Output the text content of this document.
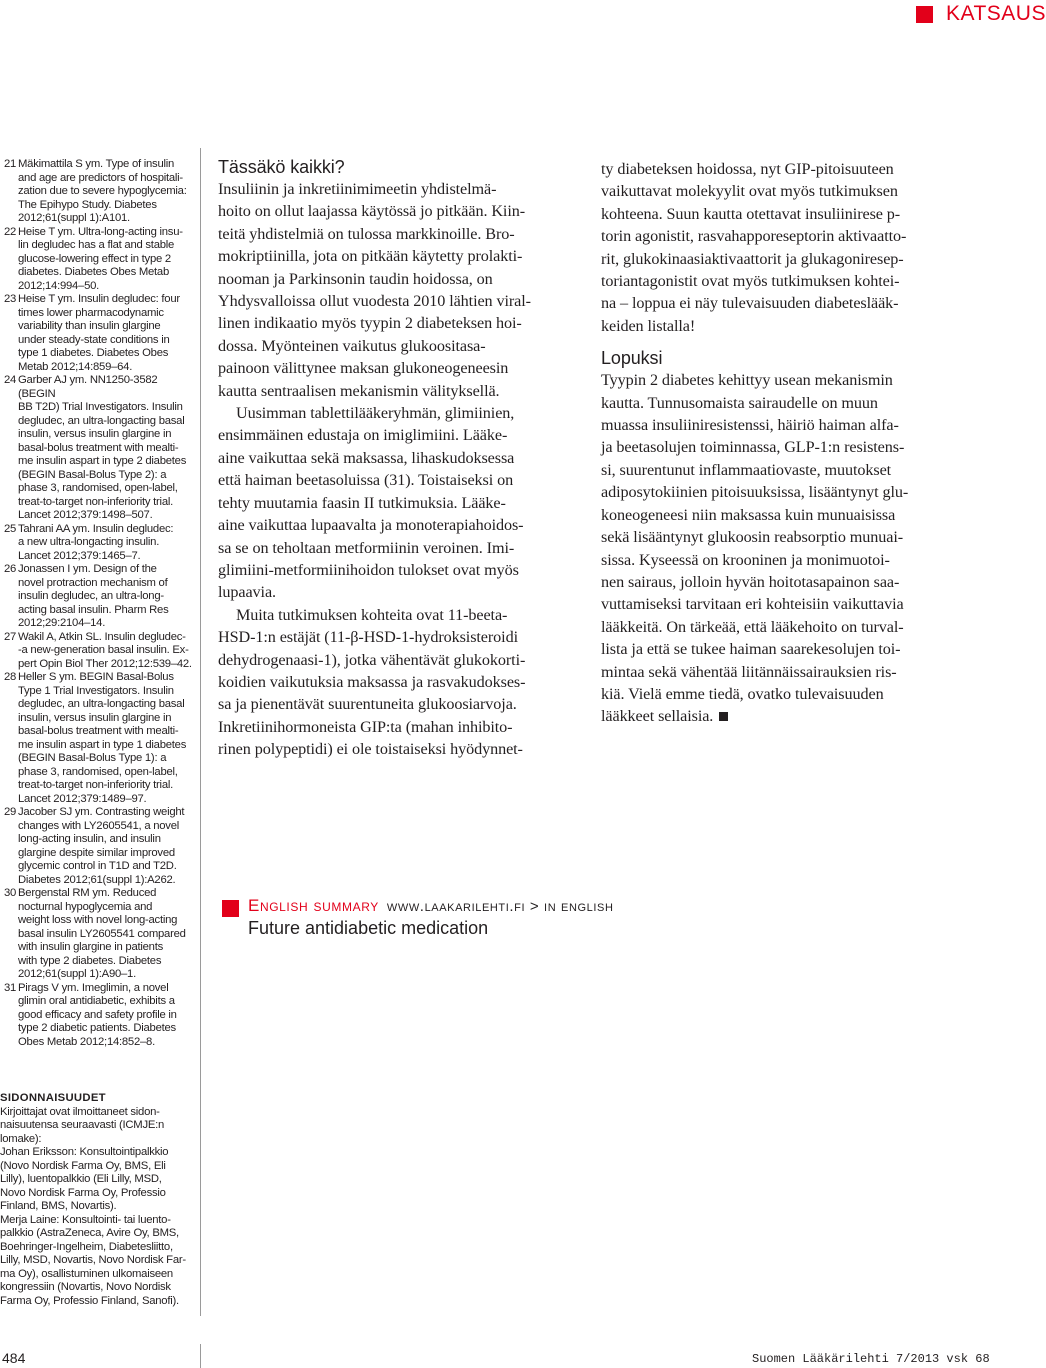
KATSAUS
21 Mäkimattila S ym. Type of insulin
and age are predictors of hospitali-
zation due to severe hypoglycemia:
The Epihypo Study. Diabetes
2012;61(suppl 1):A101.
22 Heise T ym. Ultra-long-acting insu-
lin degludec has a flat and stable
glucose-lowering effect in type 2
diabetes. Diabetes Obes Metab
2012;14:994–50.
23 Heise T ym. Insulin degludec: four
times lower pharmacodynamic
variability than insulin glargine
under steady-state conditions in
type 1 diabetes. Diabetes Obes
Metab 2012;14:859–64.
24 Garber AJ ym. NN1250-3582 (BEGIN
BB T2D) Trial Investigators. Insulin
degludec, an ultra-longacting basal
insulin, versus insulin glargine in
basal-bolus treatment with mealti-
me insulin aspart in type 2 diabetes
(BEGIN Basal-Bolus Type 2): a
phase 3, randomised, open-label,
treat-to-target non-inferiority trial.
Lancet 2012;379:1498–507.
25 Tahrani AA ym. Insulin degludec:
a new ultra-longacting insulin.
Lancet 2012;379:1465–7.
26 Jonassen I ym. Design of the
novel protraction mechanism of
insulin degludec, an ultra-long-
acting basal insulin. Pharm Res
2012;29:2104–14.
27 Wakil A, Atkin SL. Insulin degludec-
-a new-generation basal insulin. Ex-
pert Opin Biol Ther 2012;12:539–42.
28 Heller S ym. BEGIN Basal-Bolus
Type 1 Trial Investigators. Insulin
degludec, an ultra-longacting basal
insulin, versus insulin glargine in
basal-bolus treatment with mealti-
me insulin aspart in type 1 diabetes
(BEGIN Basal-Bolus Type 1): a
phase 3, randomised, open-label,
treat-to-target non-inferiority trial.
Lancet 2012;379:1489–97.
29 Jacober SJ ym. Contrasting weight
changes with LY2605541, a novel
long-acting insulin, and insulin
glargine despite similar improved
glycemic control in T1D and T2D.
Diabetes 2012;61(suppl 1):A262.
30 Bergenstal RM ym. Reduced
nocturnal hypoglycemia and
weight loss with novel long-acting
basal insulin LY2605541 compared
with insulin glargine in patients
with type 2 diabetes. Diabetes
2012;61(suppl 1):A90–1.
31 Pirags V ym. Imeglimin, a novel
glimin oral antidiabetic, exhibits a
good efficacy and safety profile in
type 2 diabetic patients. Diabetes
Obes Metab 2012;14:852–8.
SIDONNAISUUDET
Kirjoittajat ovat ilmoittaneet sidon-
naisuutensa seuraavasti (ICMJE:n
lomake):
Johan Eriksson: Konsultointipalkkio
(Novo Nordisk Farma Oy, BMS, Eli
Lilly), luentopalkkio (Eli Lilly, MSD,
Novo Nordisk Farma Oy, Professio
Finland, BMS, Novartis).
Merja Laine: Konsultointi- tai luento-
palkkio (AstraZeneca, Avire Oy, BMS,
Boehringer-Ingelheim, Diabetesliitto,
Lilly, MSD, Novartis, Novo Nordisk Far-
ma Oy), osallistuminen ulkomaiseen
kongressiin (Novartis, Novo Nordisk
Farma Oy, Professio Finland, Sanofi).
Tässäkö kaikki?

Insuliinin ja inkretiinimimeetin yhdistelmä-
hoito on ollut laajassa käytössä jo pitkään. Kiin-
teitä yhdistelmiä on tulossa markkinoille. Bro-
mokriptiinilla, jota on pitkään käytetty prolakti-
nooman ja Parkinsonin taudin hoidossa, on
Yhdysvalloissa ollut vuodesta 2010 lähtien viral-
linen indikaatio myös tyypin 2 diabeteksen hoi-
dossa. Myönteinen vaikutus glukoositasa-
painoon välittynee maksan glukoneogeneesin
kautta sentraalisen mekanismin välityksellä.

Uusimman tablettilääkeryhmän, glimiinien,
ensimmäinen edustaja on imiglimiini. Lääke-
aine vaikuttaa sekä maksassa, lihaskudoksessa
että haiman beetasoluissa (31). Toistaiseksi on
tehty muutamia faasin II tutkimuksia. Lääke-
aine vaikuttaa lupaavalta ja monoterapiahoidos-
sa se on teholtaan metformiinin veroinen. Imi-
glimiini-metformiinihoidon tulokset ovat myös
lupaavia.

Muita tutkimuksen kohteita ovat 11-beeta-
HSD-1:n estäjät (11-β-HSD-1-hydroksisteroidi
dehydrogenaasi-1), jotka vähentävät glukokorti-
koidien vaikutuksia maksassa ja rasvakudokses-
sa ja pienentävät suurentuneita glukoosiarvoja.
Inkretiinihormoneista GIP:ta (mahan inhibito-
rinen polypeptidi) ei ole toistaiseksi hyödynnet-

ty diabeteksen hoidossa, nyt GIP-pitoisuuteen
vaikuttavat molekyylit ovat myös tutkimuksen
kohteena. Suun kautta otettavat insuliinirese p-
torin agonistit, rasvahapporeseptorin aktivaatto-
rit, glukokinaasiaktivaattorit ja glukagonireseр-
toriantagonistit ovat myös tutkimuksen kohtei-
na – loppua ei näy tulevaisuuden diabeteslääk-
keiden listalla!

Lopuksi

Tyypin 2 diabetes kehittyy usean mekanismin
kautta. Tunnusomaista sairaudelle on muun
muassa insuliiniresistenssi, häiriö haiman alfa-
ja beetasolujen toiminnassa, GLP-1:n resistens-
si, suurentunut inflammaatiovaste, muutokset
adiposytokiinien pitoisuuksissa, lisääntynyt glu-
koneogeneesi niin maksassa kuin munuaisissa
sekä lisääntynyt glukoosin reabsorptio munuai-
sissa. Kyseessä on krooninen ja monimuotoi-
nen sairaus, jolloin hyvän hoitotasapainon saa-
vuttamiseksi tarvitaan eri kohteisiin vaikuttavia
lääkkeitä. On tärkeää, että lääkehoito on turval-
lista ja että se tukee haiman saarekesolujen toi-
mintaa sekä vähentää liitännäissairauksien ris-
kiä. Vielä emme tiedä, ovatko tulevaisuuden
lääkkeet sellaisia.

English summary www.laakarilehti.fi > in english
Future antidiabetic medication
484	Suomen Lääkärilehti 7/2013 vsk 68
